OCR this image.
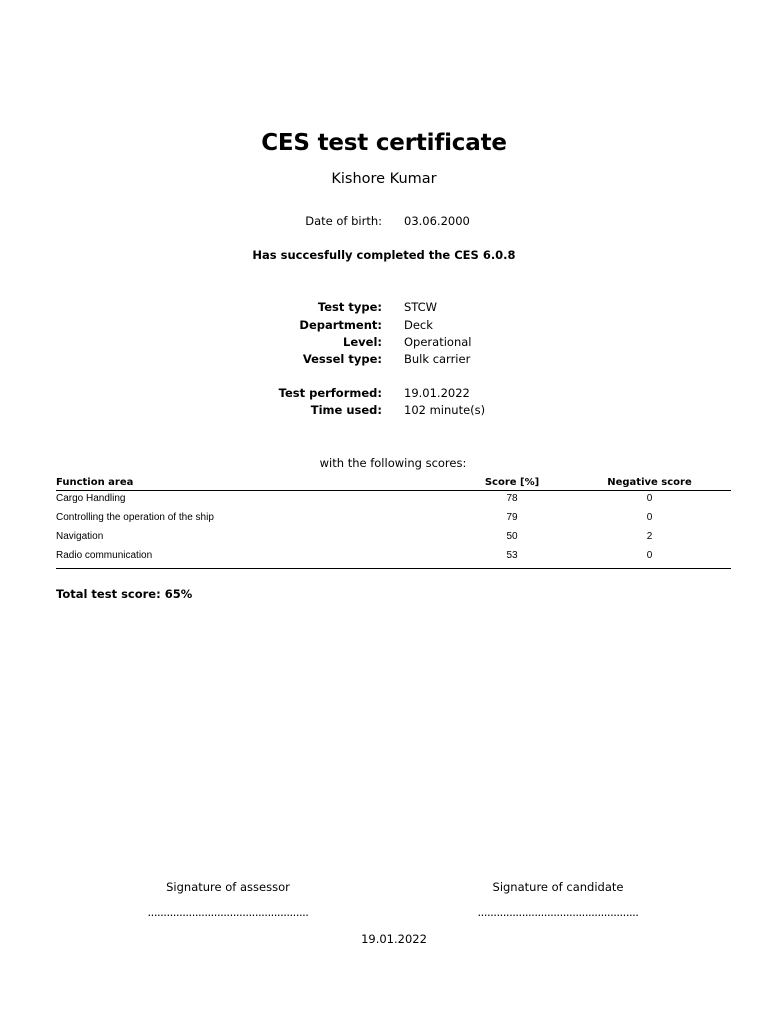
CES test certificate
Kishore Kumar
Date of birth: 03.06.2000
Has succesfully completed the CES 6.0.8
Test type: STCW
Department: Deck
Level: Operational
Vessel type: Bulk carrier
Test performed: 19.01.2022
Time used: 102 minute(s)
with the following scores:
Function area	Score [%]	Negative score
Cargo Handling	78	0
Controlling the operation of the ship	79	0
Navigation	50	2
Radio communication	53	0
Total test score: 65%
Signature of assessor	Signature of candidate
...................................................	...................................................
19.01.2022
